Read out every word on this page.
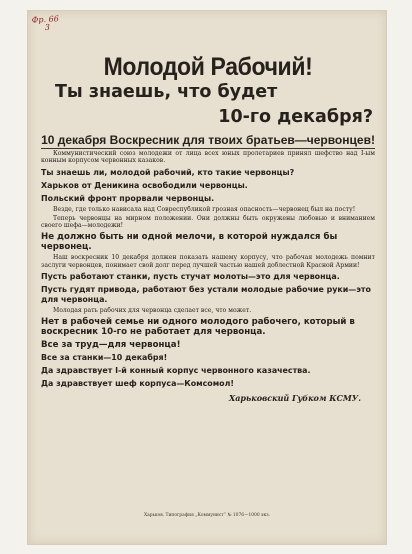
Фр. 66
3
Молодой Рабочий!
Ты знаешь, что будет
10-го декабря?
10 декабря Воскресник для твоих братьев—червонцев!
Коммунистический союз молодежи от лица всех юных пролетариев принял шефство над I-ым конным корпусом червонных казаков.
Ты знаешь ли, молодой рабочий, кто такие червонцы?
Харьков от Деникина освободили червонцы.
Польский фронт прорвали червонцы.
Везде, где только нависала над Совреспубликой грозная опасность—червонец был на посту!
Теперь червонцы на мирном положении. Они должны быть окружены любовью и вниманием своего шефа—молодежи!
Не должно быть ни одной мелочи, в которой нуждался бы червонец.
Наш воскресник 10 декабря должен показать нашему корпусу, что рабочая молодежь помнит заслуги червонцев, понимает свой долг перед лучшей частью нашей доблестной Красной Армии!
Пусть работают станки, пусть стучат молоты—это для червонца.
Пусть гудят привода, работают без устали молодые рабочие руки—это для червонца.
Молодая рать рабочих для червонца сделает все, что может.
Нет в рабочей семье ни одного молодого рабочего, который в воскресник 10-го не работает для червонца.
Все за труд—для червонца!
Все за станки—10 декабря!
Да здравствует I-й конный корпус червонного казачества.
Да здравствует шеф корпуса—Комсомол!
Харьковский Губком КСМУ.
Харьков. Типография „Коммунист“ № 1076—1000 экз.
